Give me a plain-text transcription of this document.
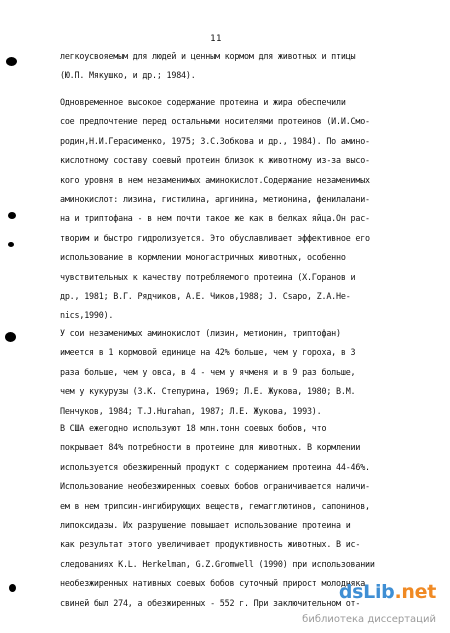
11
легкоусвояемым для людей и ценным кормом для животных и птицы
(Ю.П. Мякушко, и др.; 1984).
Одновременное высокое содержание протеина и жира обеспечили
сое предпочтение перед остальными носителями протеинов (И.И.Смо-
родин,Н.И.Герасименко, 1975; З.С.Зобкова и др., 1984). По амино-
кислотному составу соевый протеин близок к животному из-за высо-
кого уровня в нем незаменимых аминокислот.Содержание незаменимых
аминокислот: лизина, гистилина, аргинина, метионина, фенилалани-
на и триптофана - в нем почти такое же как в белках яйца.Он рас-
творим и быстро гидролизуется. Это обуславливает эффективное его
использование в кормлении моногастричных животных, особенно
чувствительных к качеству потребляемого протеина (Х.Горанов и
др., 1981; В.Г. Рядчиков, А.Е. Чиков,1988; J. Csapo, Z.A.He-
nics,1990).
У сои незаменимых аминокислот (лизин, метионин, триптофан)
имеется в 1 кормовой единице на 42% больше, чем у гороха, в 3
раза больше, чем у овса, в 4 - чем у ячменя и в 9 раз больше,
чем у кукурузы (З.К. Степурина, 1969; Л.Е. Жукова, 1980; В.М.
Пенчуков, 1984; T.J.Hurahan, 1987; Л.Е. Жукова, 1993).
В США ежегодно используют 18 млн.тонн соевых бобов, что
покрывает 84% потребности в протеине для животных. В кормлении
используется обезжиренный продукт с содержанием протеина 44-46%.
Использование необезжиренных соевых бобов ограничивается наличи-
ем в нем трипсин-ингибирующих веществ, гемагглютинов, сапонинов,
липоксидазы. Их разрушение повышает использование протеина и
как результат этого увеличивает продуктивность животных. В ис-
следованиях K.L. Herkelman, G.Z.Gromwell (1990) при использовании
необезжиренных нативных соевых бобов суточный прирост молодняка
свиней был 274, а обезжиренных - 552 г. При заключительном от-
dsLib.net
библиотека диссертаций
